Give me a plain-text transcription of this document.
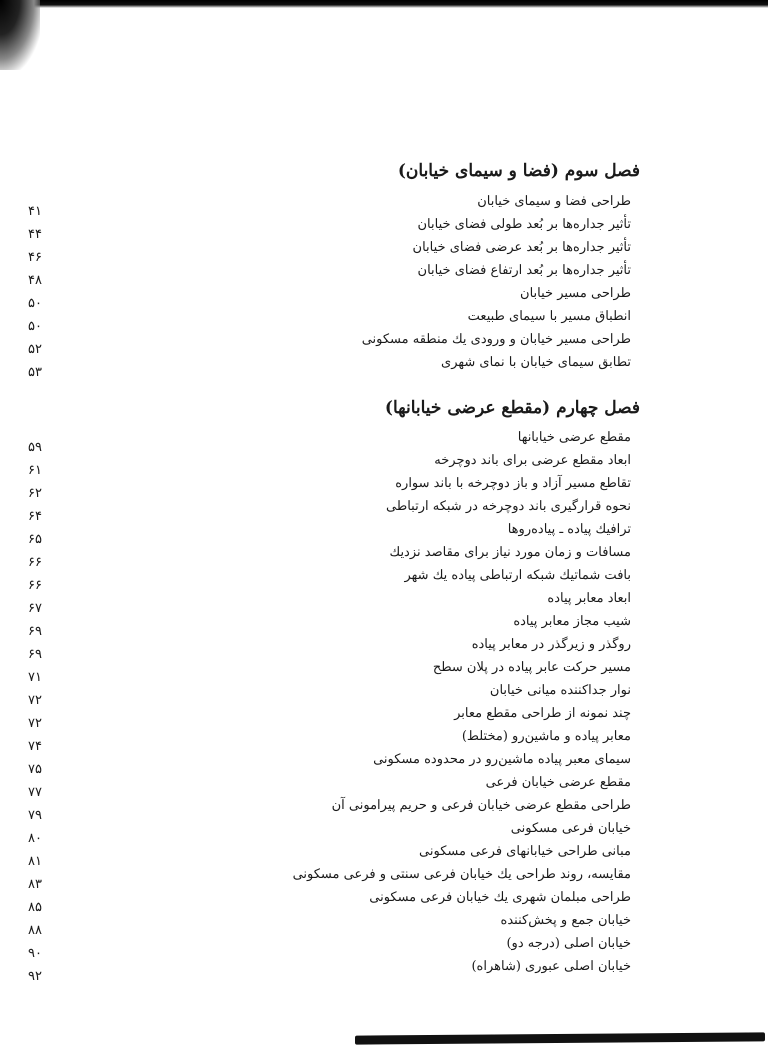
فصل سوم (فضا و سیمای خیابان)
طراحی فضا و سیمای خیابان
۴۱
تأثیر جداره‌ها بر بُعد طولی فضای خیابان
۴۴
تأثیر جداره‌ها بر بُعد عرضی فضای خیابان
۴۶
تأثیر جداره‌ها بر بُعد ارتفاع فضای خیابان
۴۸
طراحی مسیر خیابان
۵۰
انطباق مسیر با سیمای طبیعت
۵۰
طراحی مسیر خیابان و ورودی یك منطقه مسكونی
۵۲
تطابق سیمای خیابان با نمای شهری
۵۳
فصل چهارم (مقطع عرضی خیابانها)
مقطع عرضی خیابانها
۵۹
ابعاد مقطع عرضی برای باند دوچرخه
۶۱
تقاطع مسیر آزاد و باز دوچرخه با باند سواره
۶۲
نحوه قرارگیری باند دوچرخه در شبكه ارتباطی
۶۴
ترافیك پیاده ـ پیاده‌روها
۶۵
مسافات و زمان مورد نیاز برای مقاصد نزدیك
۶۶
بافت شماتیك شبكه ارتباطی پیاده یك شهر
۶۶
ابعاد معابر پیاده
۶۷
شیب مجاز معابر پیاده
۶۹
روگذر و زیرگذر در معابر پیاده
۶۹
مسیر حركت عابر پیاده در پلان سطح
۷۱
نوار جداكننده میانی خیابان
۷۲
چند نمونه از طراحی مقطع معابر
۷۲
معابر پیاده و ماشین‌رو (مختلط)
۷۴
سیمای معبر پیاده ماشین‌رو در محدوده مسكونی
۷۵
مقطع عرضی خیابان فرعی
۷۷
طراحی مقطع عرضی خیابان فرعی و حریم پیرامونی آن
۷۹
خیابان فرعی مسكونی
۸۰
مبانی طراحی خیابانهای فرعی مسكونی
۸۱
مقایسه، روند طراحی یك خیابان فرعی سنتی و فرعی مسكونی
۸۳
طراحی مبلمان شهری یك خیابان فرعی مسكونی
۸۵
خیابان جمع و پخش‌كننده
۸۸
خیابان اصلی (درجه دو)
۹۰
خیابان اصلی عبوری (شاهراه)
۹۲
